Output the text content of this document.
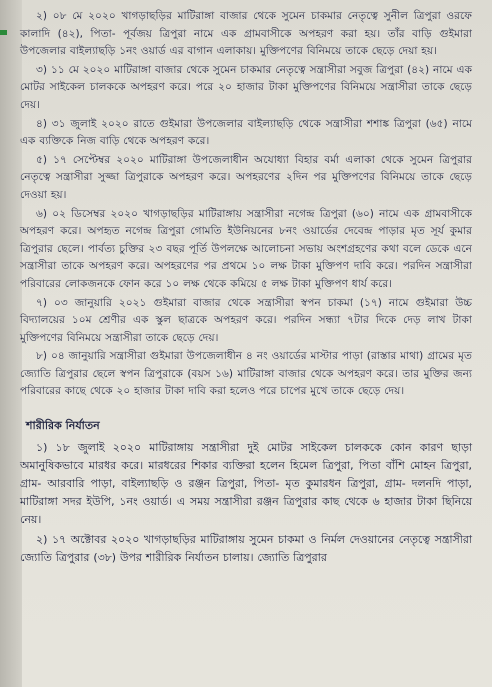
২) ০৮ মে ২০২০ খাগড়াছড়ির মাটিরাঙ্গা বাজার থেকে সুমেন চাকমার নেতৃত্বে সুনীল ত্রিপুরা ওরফে কালাদি (৪২), পিতা- পূর্বজয় ত্রিপুরা নামে এক গ্রামবাসীকে অপহরণ করা হয়। তাঁর বাড়ি গুইমারা উপজেলার বাইল্যাছড়ি ১নং ওয়ার্ড এর বাগান এলাকায়। মুক্তিপণের বিনিময়ে তাকে ছেড়ে দেয়া হয়।

৩) ১১ মে ২০২০ মাটিরাঙ্গা বাজার থেকে সুমেন চাকমার নেতৃত্বে সন্ত্রাসীরা সবুজ ত্রিপুরা (৪২) নামে এক মোটর সাইকেল চালককে অপহরণ করে। পরে ২০ হাজার টাকা মুক্তিপণের বিনিময়ে সন্ত্রাসীরা তাকে ছেড়ে দেয়।

৪) ৩১ জুলাই ২০২০ রাতে গুইমারা উপজেলার বাইল্যাছড়ি থেকে সন্ত্রাসীরা শশাঙ্ক ত্রিপুরা (৬৫) নামে এক ব্যক্তিকে নিজ বাড়ি থেকে অপহরণ করে।

৫) ১৭ সেপ্টেম্বর ২০২০ মাটিরাঙ্গা উপজেলাধীন অযোধ্যা বিহার বর্মা এলাকা থেকে সুমেন ত্রিপুরার নেতৃত্বে সন্ত্রাসীরা সুজ্জা ত্রিপুরাকে অপহরণ করে। অপহরণের ২দিন পর মুক্তিপণের বিনিময়ে তাকে ছেড়ে দেওয়া হয়।

৬) ০২ ডিসেম্বর ২০২০ খাগড়াছড়ির মাটিরাঙ্গায় সন্ত্রাসীরা নগেন্দ্র ত্রিপুরা (৬০) নামে এক গ্রামবাসীকে অপহরণ করে। অপহৃত নগেন্দ্র ত্রিপুরা গোমতি ইউনিয়নের ৮নং ওয়ার্ডের দেবেন্দ্র পাড়ার মৃত সূর্য কুমার ত্রিপুরার ছেলে। পার্বত্য চুক্তির ২৩ বছর পূর্তি উপলক্ষে আলোচনা সভায় অংশগ্রহণের কথা বলে ডেকে এনে সন্ত্রাসীরা তাকে অপহরণ করে। অপহরণের পর প্রথমে ১০ লক্ষ টাকা মুক্তিপণ দাবি করে। পরদিন সন্ত্রাসীরা পরিবারের লোকজনকে ফোন করে ১০ লক্ষ থেকে কমিয়ে ৫ লক্ষ টাকা মুক্তিপণ ধার্য করে।

৭) ০৩ জানুয়ারি ২০২১ গুইমারা বাজার থেকে সন্ত্রাসীরা স্বপন চাকমা (১৭) নামে গুইমারা উচ্চ বিদ্যালয়ের ১০ম শ্রেণীর এক স্কুল ছাত্রকে অপহরণ করে। পরদিন সন্ধ্যা ৭টার দিকে দেড় লাখ টাকা মুক্তিপণের বিনিময়ে সন্ত্রাসীরা তাকে ছেড়ে দেয়।

৮) ০৪ জানুয়ারি সন্ত্রাসীরা গুইমারা উপজেলাধীন ৪ নং ওয়ার্ডের মাস্টার পাড়া (রাস্তার মাথা) গ্রামের মৃত জ্যোতি ত্রিপুরার ছেলে স্বপন ত্রিপুরাকে (বয়স ১৬) মাটিরাঙ্গা বাজার থেকে অপহরণ করে। তার মুক্তির জন্য পরিবারের কাছে থেকে ২০ হাজার টাকা দাবি করা হলেও পরে চাপের মুখে তাকে ছেড়ে দেয়।

শারীরিক নির্যাতন

১) ১৮ জুলাই ২০২০ মাটিরাঙ্গায় সন্ত্রাসীরা দুই মোটর সাইকেল চালককে কোন কারণ ছাড়া অমানুষিকভাবে মারধর করে। মারধরের শিকার ব্যক্তিরা হলেন হিমেল ত্রিপুরা, পিতা বাঁশি মোহন ত্রিপুরা, গ্রাম- আরবারি পাড়া, বাইল্যাছড়ি ও রঞ্জন ত্রিপুরা, পিতা- মৃত কুমারধন ত্রিপুরা, গ্রাম- দলনদি পাড়া, মাটিরাঙ্গা সদর ইউপি, ১নং ওয়ার্ড। এ সময় সন্ত্রাসীরা রঞ্জন ত্রিপুরার কাছ থেকে ৬ হাজার টাকা ছিনিয়ে নেয়।

২) ১৭ অক্টোবর ২০২০ খাগড়াছড়ির মাটিরাঙ্গায় সুমেন চাকমা ও নির্মল দেওয়ানের নেতৃত্বে সন্ত্রাসীরা জ্যোতি ত্রিপুরার (৩৮) উপর শারীরিক নির্যাতন চালায়। জ্যোতি ত্রিপুরার
